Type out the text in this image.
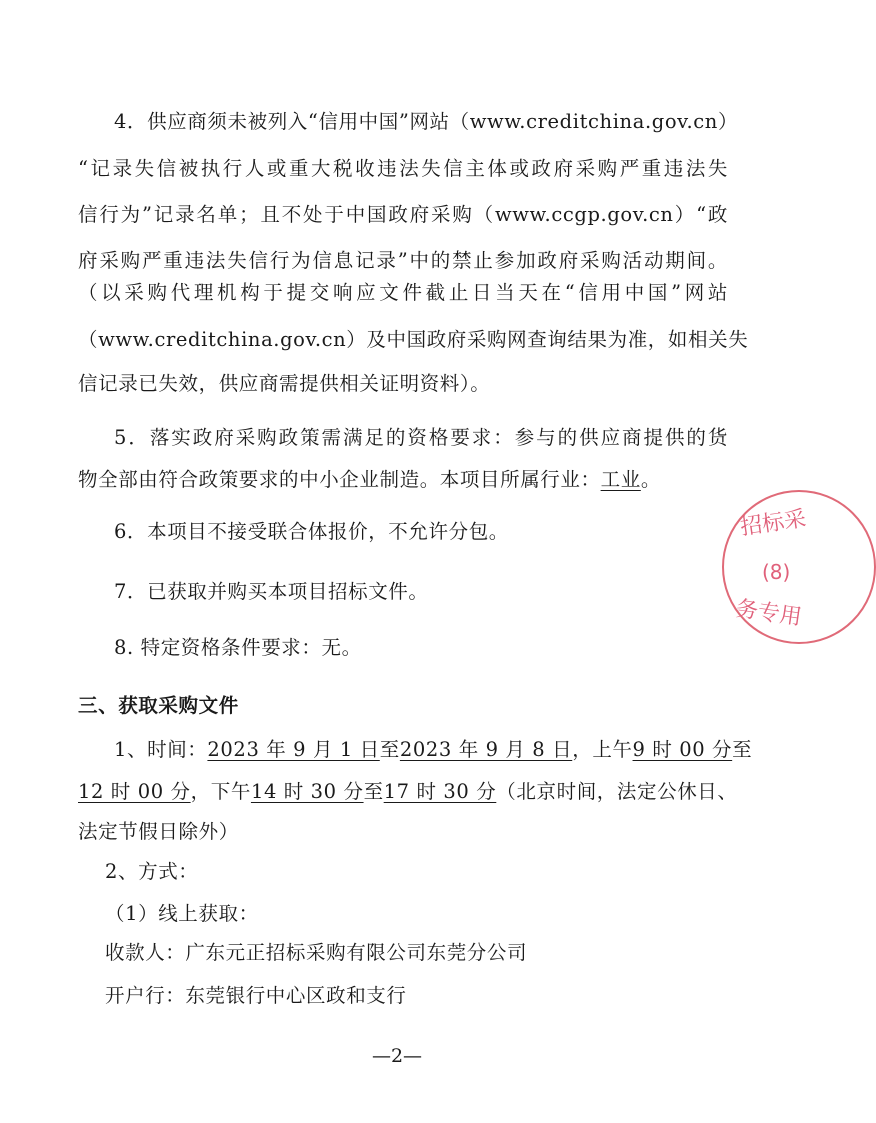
4．供应商须未被列入“信用中国”网站（www.creditchina.gov.cn）
“记录失信被执行人或重大税收违法失信主体或政府采购严重违法失
信行为”记录名单；且不处于中国政府采购（www.ccgp.gov.cn）“政
府采购严重违法失信行为信息记录”中的禁止参加政府采购活动期间。
（以采购代理机构于提交响应文件截止日当天在“信用中国”网站
（www.creditchina.gov.cn）及中国政府采购网查询结果为准，如相关失
信记录已失效，供应商需提供相关证明资料）。
5．落实政府采购政策需满足的资格要求：参与的供应商提供的货
物全部由符合政策要求的中小企业制造。本项目所属行业：工业。
6．本项目不接受联合体报价，不允许分包。
7．已获取并购买本项目招标文件。
8. 特定资格条件要求：无。
三、获取采购文件
1、时间：2023 年 9 月 1 日至2023 年 9 月 8 日，上午9 时 00 分至
12 时 00 分，下午14 时 30 分至17 时 30 分（北京时间，法定公休日、
法定节假日除外）
2、方式：
（1）线上获取：
收款人：广东元正招标采购有限公司东莞分公司
开户行：东莞银行中心区政和支行
—2—
招标采
(8)
务专用
